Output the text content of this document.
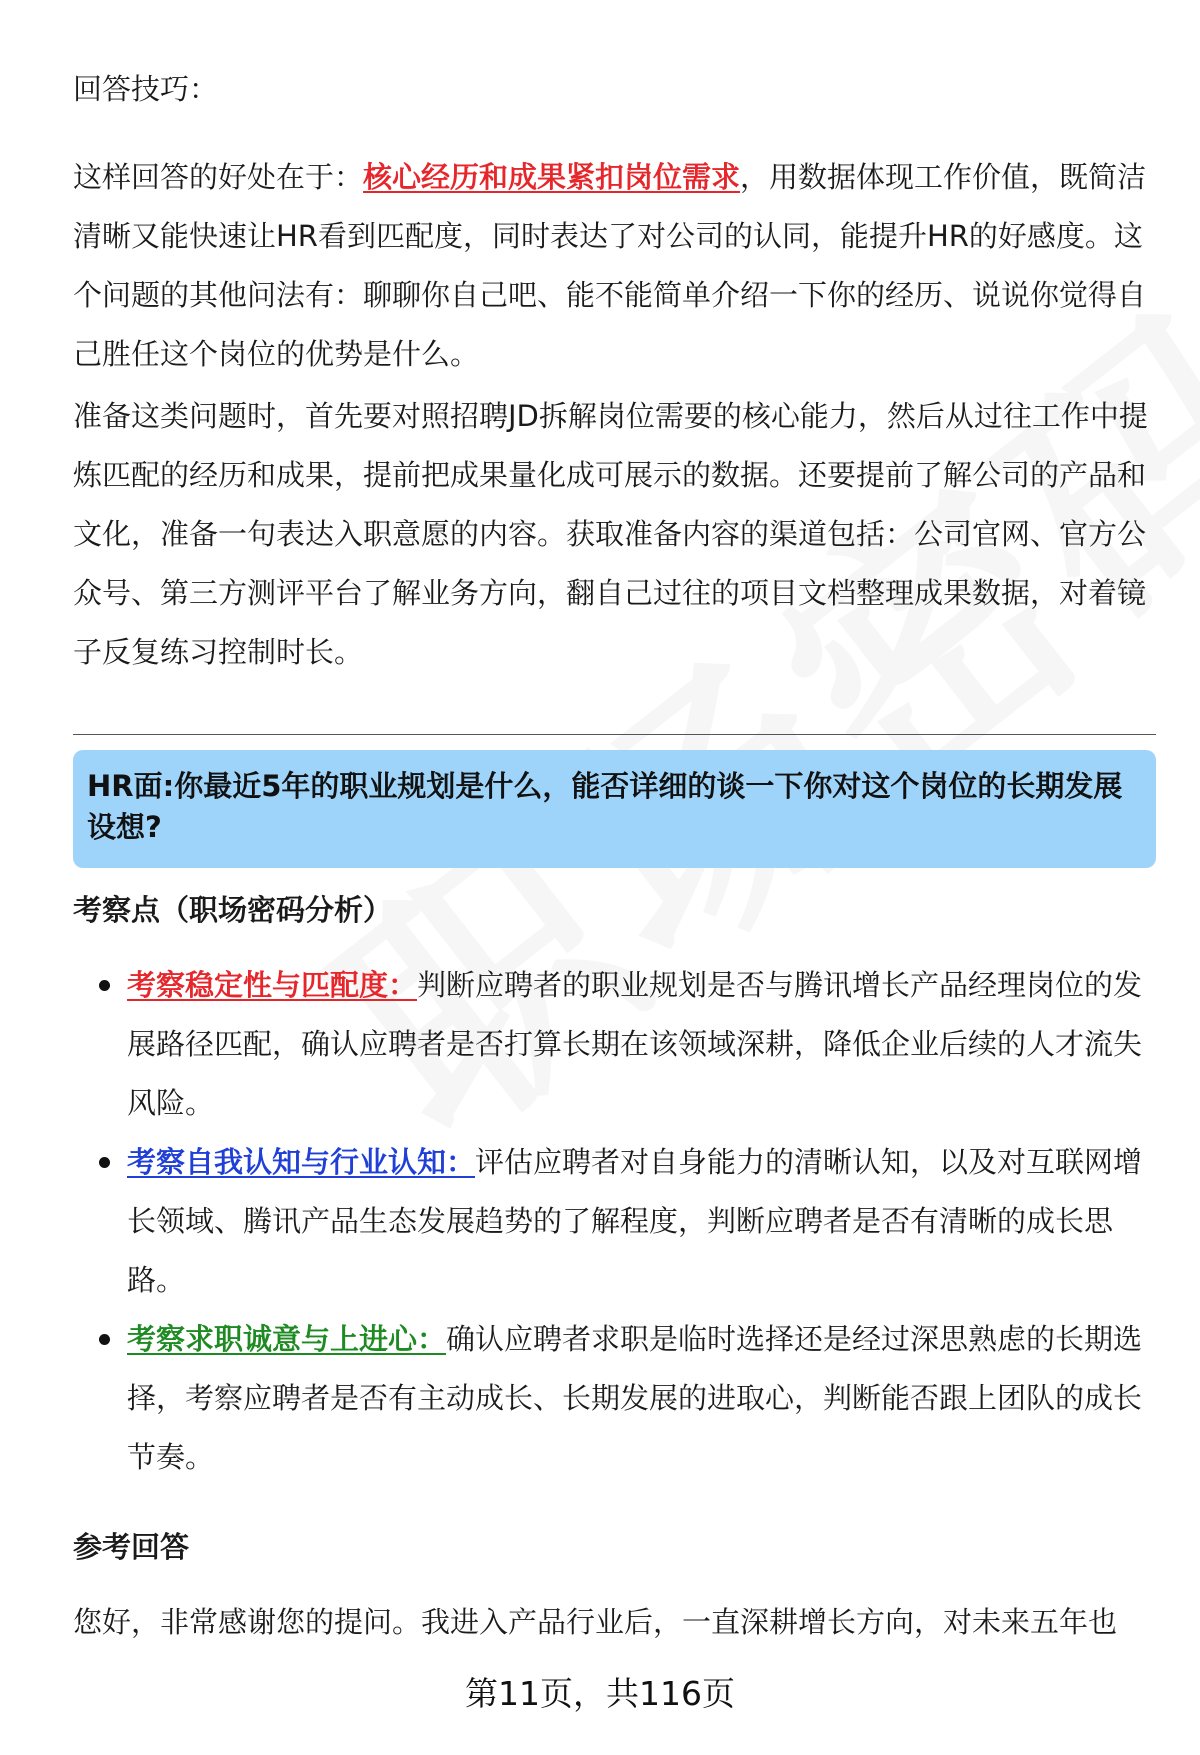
回答技巧：

这样回答的好处在于：核心经历和成果紧扣岗位需求，用数据体现工作价值，既简洁清晰又能快速让HR看到匹配度，同时表达了对公司的认同，能提升HR的好感度。这个问题的其他问法有：聊聊你自己吧、能不能简单介绍一下你的经历、说说你觉得自己胜任这个岗位的优势是什么。

准备这类问题时，首先要对照招聘JD拆解岗位需要的核心能力，然后从过往工作中提炼匹配的经历和成果，提前把成果量化成可展示的数据。还要提前了解公司的产品和文化，准备一句表达入职意愿的内容。获取准备内容的渠道包括：公司官网、官方公众号、第三方测评平台了解业务方向，翻自己过往的项目文档整理成果数据，对着镜子反复练习控制时长。

HR面:你最近5年的职业规划是什么，能否详细的谈一下你对这个岗位的长期发展设想?

考察点（职场密码分析）

考察稳定性与匹配度：判断应聘者的职业规划是否与腾讯增长产品经理岗位的发展路径匹配，确认应聘者是否打算长期在该领域深耕，降低企业后续的人才流失风险。
考察自我认知与行业认知：评估应聘者对自身能力的清晰认知，以及对互联网增长领域、腾讯产品生态发展趋势的了解程度，判断应聘者是否有清晰的成长思路。
考察求职诚意与上进心：确认应聘者求职是临时选择还是经过深思熟虑的长期选择，考察应聘者是否有主动成长、长期发展的进取心，判断能否跟上团队的成长节奏。

参考回答

您好，非常感谢您的提问。我进入产品行业后，一直深耕增长方向，对未来五年也

第11页，共116页
